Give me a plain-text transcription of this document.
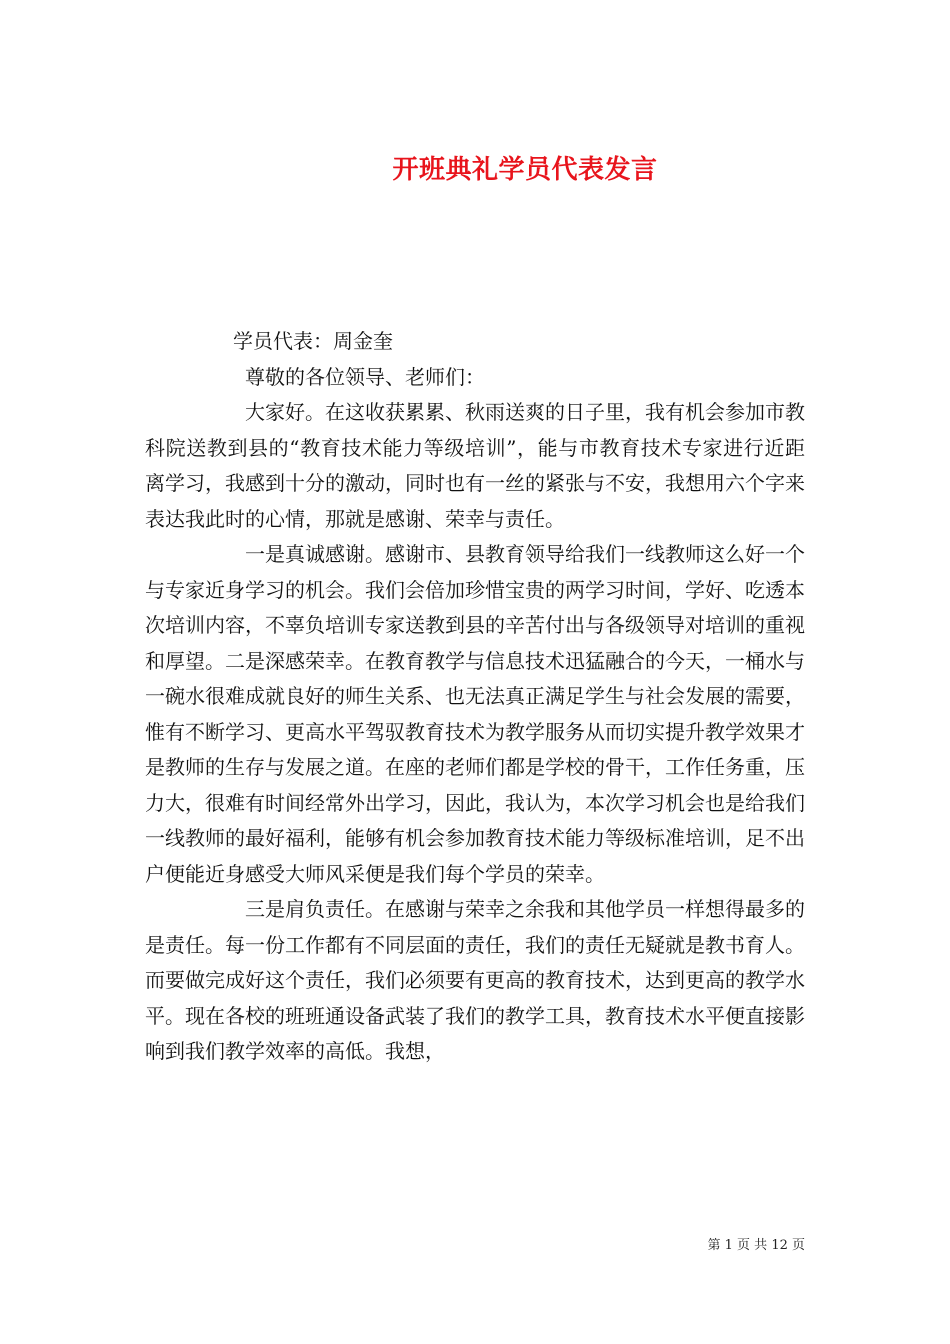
开班典礼学员代表发言

学员代表：周金奎

尊敬的各位领导、老师们：

大家好。在这收获累累、秋雨送爽的日子里，我有机会参加市教科院送教到县的“教育技术能力等级培训”，能与市教育技术专家进行近距离学习，我感到十分的激动，同时也有一丝的紧张与不安，我想用六个字来表达我此时的心情，那就是感谢、荣幸与责任。

一是真诚感谢。感谢市、县教育领导给我们一线教师这么好一个与专家近身学习的机会。我们会倍加珍惜宝贵的两学习时间，学好、吃透本次培训内容，不辜负培训专家送教到县的辛苦付出与各级领导对培训的重视和厚望。二是深感荣幸。在教育教学与信息技术迅猛融合的今天，一桶水与一碗水很难成就良好的师生关系、也无法真正满足学生与社会发展的需要，惟有不断学习、更高水平驾驭教育技术为教学服务从而切实提升教学效果才是教师的生存与发展之道。在座的老师们都是学校的骨干，工作任务重，压力大，很难有时间经常外出学习，因此，我认为，本次学习机会也是给我们一线教师的最好福利，能够有机会参加教育技术能力等级标准培训，足不出户便能近身感受大师风采便是我们每个学员的荣幸。

三是肩负责任。在感谢与荣幸之余我和其他学员一样想得最多的是责任。每一份工作都有不同层面的责任，我们的责任无疑就是教书育人。而要做完成好这个责任，我们必须要有更高的教育技术，达到更高的教学水平。现在各校的班班通设备武装了我们的教学工具，教育技术水平便直接影响到我们教学效率的高低。我想，

第 1 页 共 12 页
